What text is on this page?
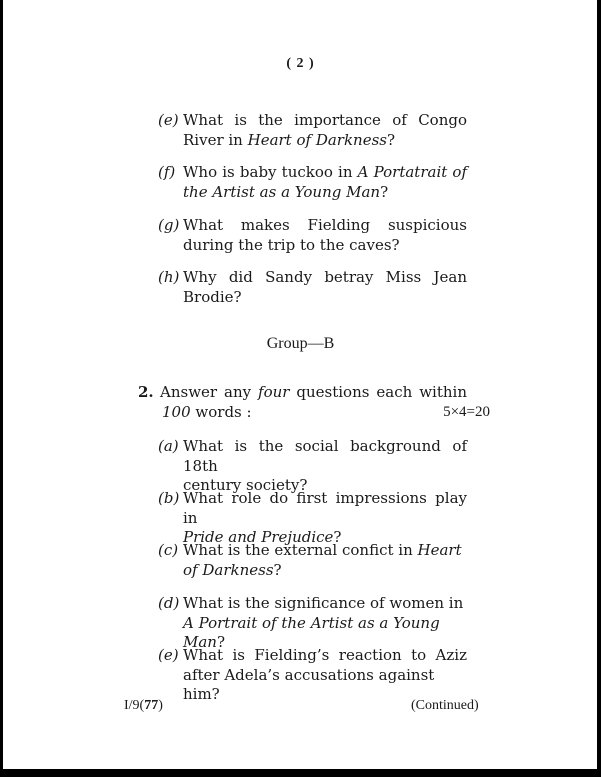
( 2 )
(e) What is the importance of Congo
River in Heart of Darkness?
(f) Who is baby tuckoo in A Portatrait of
the Artist as a Young Man?
(g) What makes Fielding suspicious
during the trip to the caves?
(h) Why did Sandy betray Miss Jean
Brodie?
Group—B
2. Answer any four questions each within
100 words :	5×4=20
(a) What is the social background of 18th
century society?
(b) What role do first impressions play in
Pride and Prejudice?
(c) What is the external confict in Heart
of Darkness?
(d) What is the significance of women in
A Portrait of the Artist as a Young Man?
(e) What is Fielding’s reaction to Aziz
after Adela’s accusations against him?
I/9(77)	(Continued)
